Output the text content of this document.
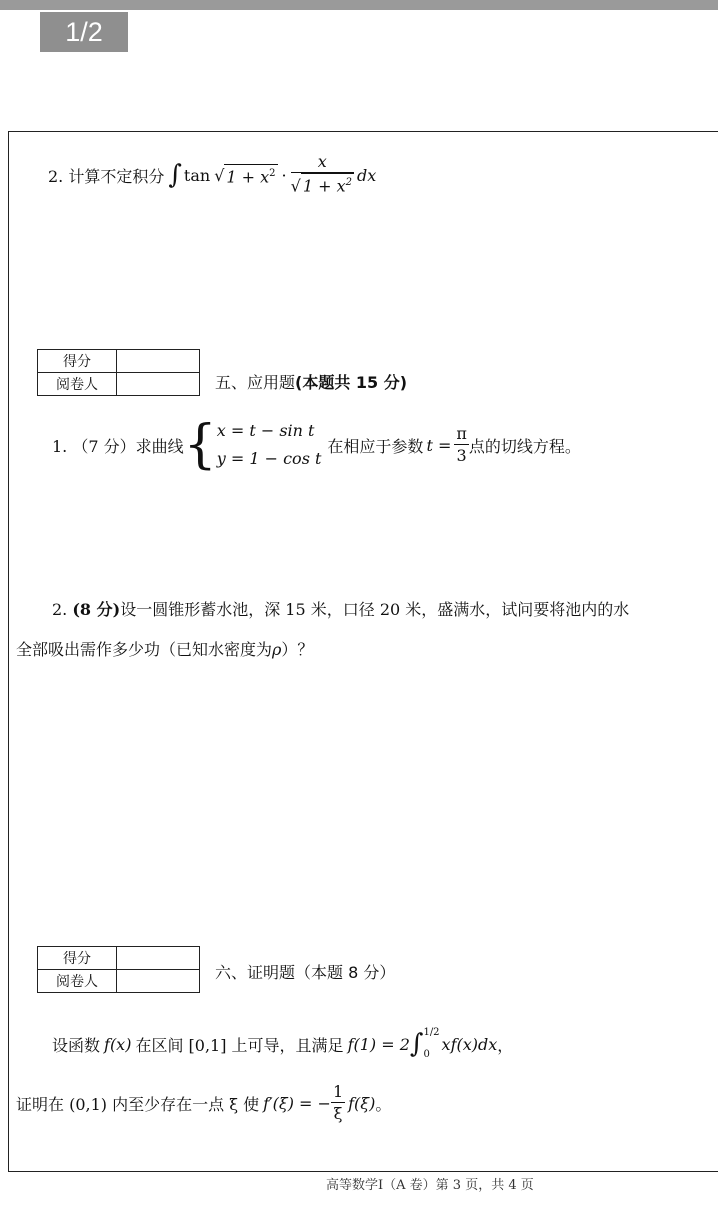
1/2
2. 计算不定积分 ∫ tan √ $1 + x^2 \cdot \frac{x}{√ 1 + x^2}$ dx
得分	
阅卷人		五、应用题(本题共 15 分)
1. （7 分）求曲线 { x = t − sin t
y = 1 − cos t
在相应于参数 $t = \frac{\pi}{3}$ 点的切线方程。
2. (8 分)设一圆锥形蓄水池，深 15 米，口径 20 米，盛满水，试问要将池内的水
全部吸出需作多少功（已知水密度为ρ）？
得分	
阅卷人		六、证明题（本题 8 分）
设函数 f(x) 在区间 [0,1] 上可导，且满足 f(1) = 2 ∫ 1/2
0
xf(x)dx ，
证明在 (0,1) 内至少存在一点 ξ 使 f′(ξ) = − $\frac{1}{\xi} f(\xi)$ 。
高等数学Ⅰ（A 卷）第 3 页，共 4 页
